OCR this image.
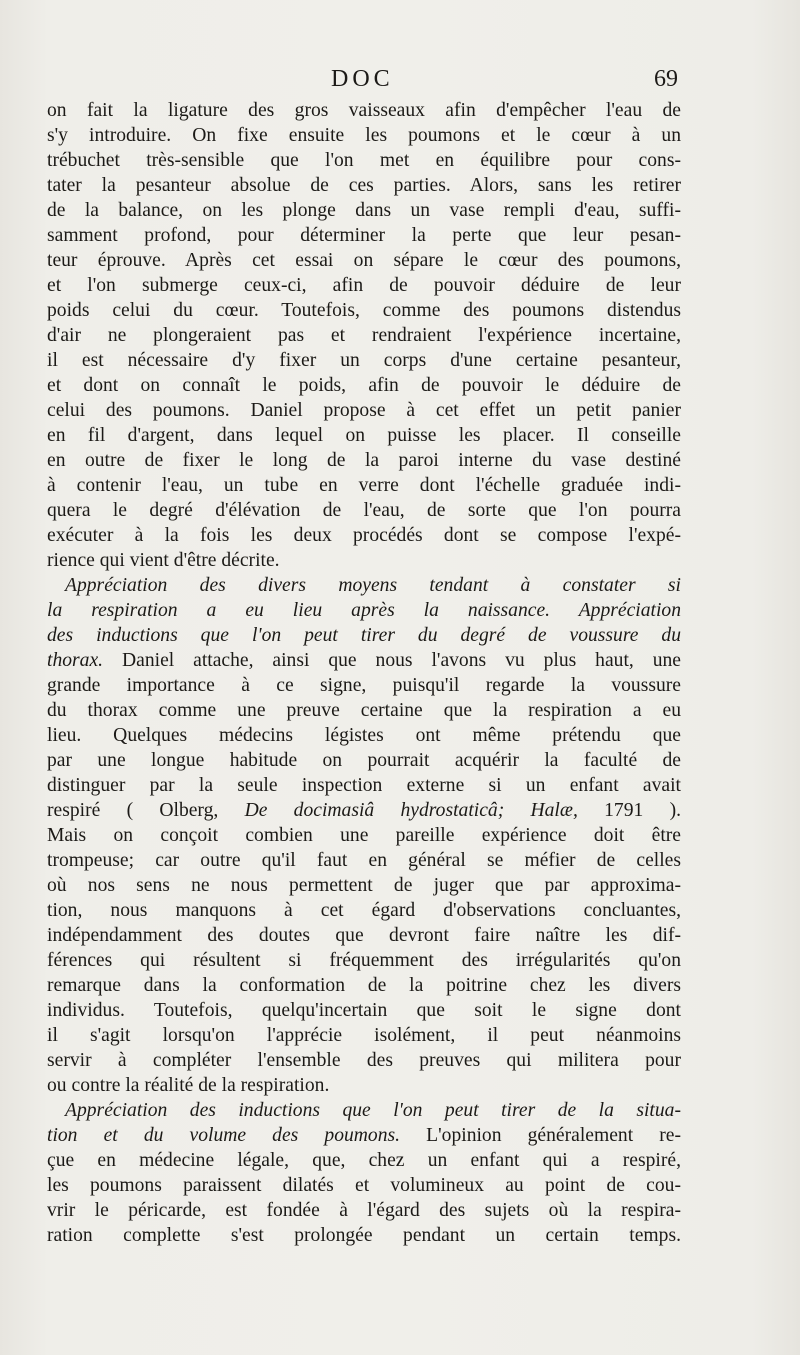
DOC	69
on fait la ligature des gros vaisseaux afin d'empêcher l'eau de
s'y introduire. On fixe ensuite les poumons et le cœur à un
trébuchet très-sensible que l'on met en équilibre pour cons-
tater la pesanteur absolue de ces parties. Alors, sans les retirer
de la balance, on les plonge dans un vase rempli d'eau, suffi-
samment profond, pour déterminer la perte que leur pesan-
teur éprouve. Après cet essai on sépare le cœur des poumons,
et l'on submerge ceux-ci, afin de pouvoir déduire de leur
poids celui du cœur. Toutefois, comme des poumons distendus
d'air ne plongeraient pas et rendraient l'expérience incertaine,
il est nécessaire d'y fixer un corps d'une certaine pesanteur,
et dont on connaît le poids, afin de pouvoir le déduire de
celui des poumons. Daniel propose à cet effet un petit panier
en fil d'argent, dans lequel on puisse les placer. Il conseille
en outre de fixer le long de la paroi interne du vase destiné
à contenir l'eau, un tube en verre dont l'échelle graduée indi-
quera le degré d'élévation de l'eau, de sorte que l'on pourra
exécuter à la fois les deux procédés dont se compose l'expé-
rience qui vient d'être décrite.
Appréciation des divers moyens tendant à constater si
la respiration a eu lieu après la naissance. Appréciation
des inductions que l'on peut tirer du degré de voussure du
thorax. Daniel attache, ainsi que nous l'avons vu plus haut, une
grande importance à ce signe, puisqu'il regarde la voussure
du thorax comme une preuve certaine que la respiration a eu
lieu. Quelques médecins légistes ont même prétendu que
par une longue habitude on pourrait acquérir la faculté de
distinguer par la seule inspection externe si un enfant avait
respiré ( Olberg, De docimasiâ hydrostaticâ; Halæ, 1791 ).
Mais on conçoit combien une pareille expérience doit être
trompeuse; car outre qu'il faut en général se méfier de celles
où nos sens ne nous permettent de juger que par approxima-
tion, nous manquons à cet égard d'observations concluantes,
indépendamment des doutes que devront faire naître les dif-
férences qui résultent si fréquemment des irrégularités qu'on
remarque dans la conformation de la poitrine chez les divers
individus. Toutefois, quelqu'incertain que soit le signe dont
il s'agit lorsqu'on l'apprécie isolément, il peut néanmoins
servir à compléter l'ensemble des preuves qui militera pour
ou contre la réalité de la respiration.
Appréciation des inductions que l'on peut tirer de la situa-
tion et du volume des poumons. L'opinion généralement re-
çue en médecine légale, que, chez un enfant qui a respiré,
les poumons paraissent dilatés et volumineux au point de cou-
vrir le péricarde, est fondée à l'égard des sujets où la respira-
ration complette s'est prolongée pendant un certain temps.
